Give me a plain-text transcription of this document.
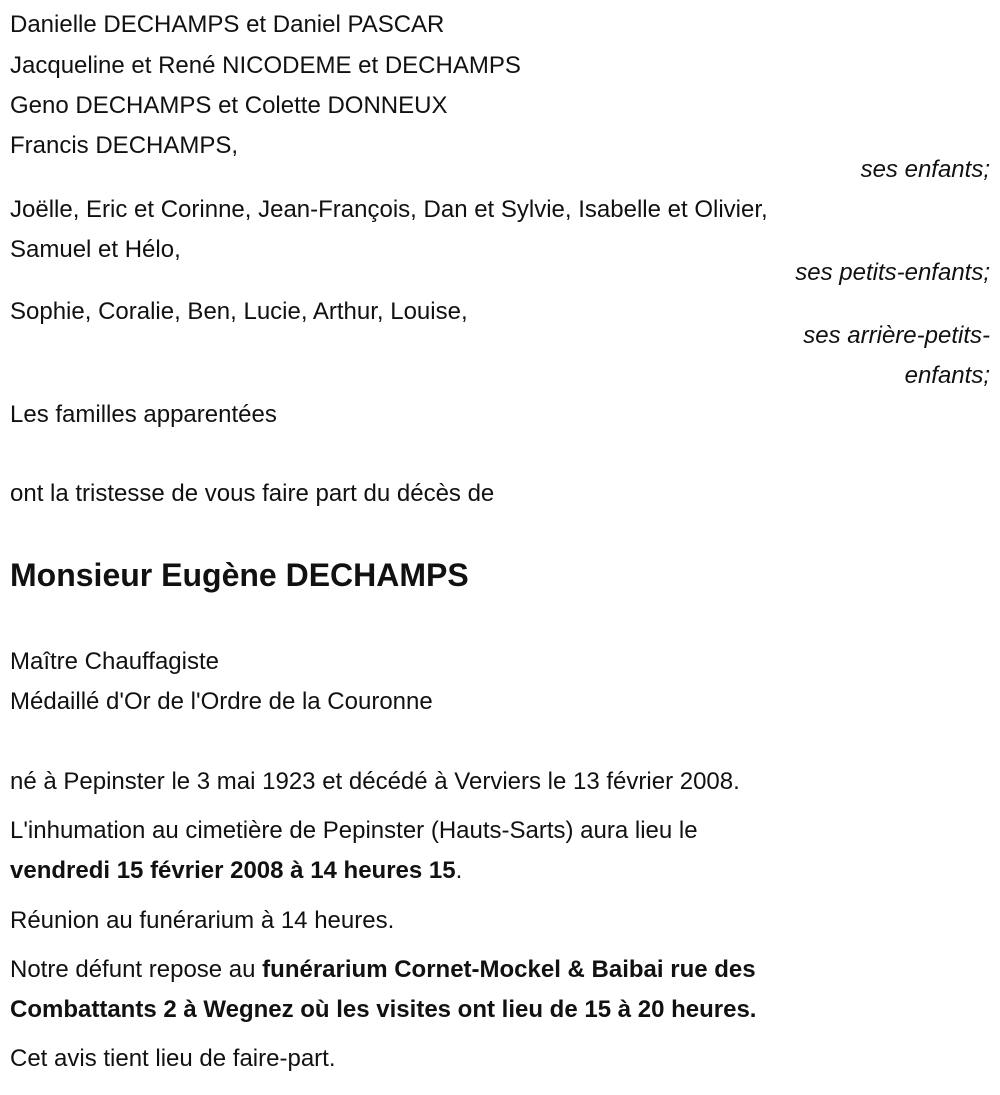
Danielle DECHAMPS et Daniel PASCAR
Jacqueline et René NICODEME et DECHAMPS
Geno DECHAMPS et Colette DONNEUX
Francis DECHAMPS,
ses enfants;
Joëlle, Eric et Corinne, Jean-François, Dan et Sylvie, Isabelle et Olivier,
Samuel et Hélo,
ses petits-enfants;
Sophie, Coralie, Ben, Lucie, Arthur, Louise,
ses arrière-petits-
enfants;
Les familles apparentées
ont la tristesse de vous faire part du décès de
Monsieur Eugène DECHAMPS
Maître Chauffagiste
Médaillé d'Or de l'Ordre de la Couronne
né à Pepinster le 3 mai 1923 et décédé à Verviers le 13 février 2008.
L'inhumation au cimetière de Pepinster (Hauts-Sarts) aura lieu le
vendredi 15 février 2008 à 14 heures 15.
Réunion au funérarium à 14 heures.
Notre défunt repose au funérarium Cornet-Mockel & Baibai rue des
Combattants 2 à Wegnez où les visites ont lieu de 15 à 20 heures.
Cet avis tient lieu de faire-part.
